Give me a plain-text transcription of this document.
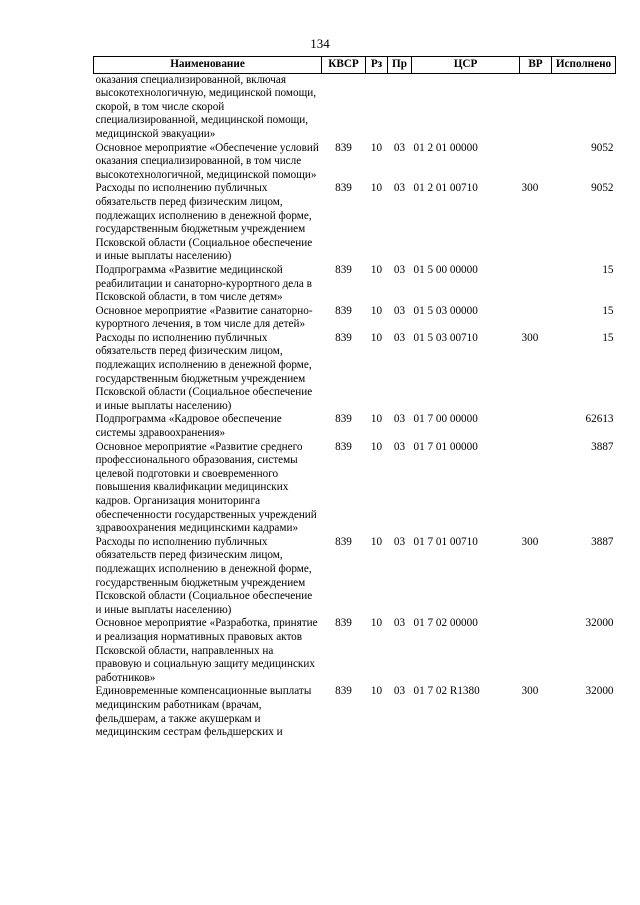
134
Наименование	КВСР	Рз	Пр	ЦСР	ВР	Исполнено
оказания специализированной, включая высокотехнологичную, медицинской помощи, скорой, в том числе скорой специализированной, медицинской помощи, медицинской эвакуации»						
Основное мероприятие «Обеспечение условий оказания специализированной, в том числе высокотехнологичной, медицинской помощи»	839	10	03	01 2 01 00000		9052
Расходы по исполнению публичных обязательств перед физическим лицом, подлежащих исполнению в денежной форме, государственным бюджетным учреждением Псковской области (Социальное обеспечение и иные выплаты населению)	839	10	03	01 2 01 00710	300	9052
Подпрограмма «Развитие медицинской реабилитации и санаторно-курортного дела в Псковской области, в том числе детям»	839	10	03	01 5 00 00000		15
Основное мероприятие «Развитие санаторно-курортного лечения, в том числе для детей»	839	10	03	01 5 03 00000		15
Расходы по исполнению публичных обязательств перед физическим лицом, подлежащих исполнению в денежной форме, государственным бюджетным учреждением Псковской области (Социальное обеспечение и иные выплаты населению)	839	10	03	01 5 03 00710	300	15
Подпрограмма «Кадровое обеспечение системы здравоохранения»	839	10	03	01 7 00 00000		62613
Основное мероприятие «Развитие среднего профессионального образования, системы целевой подготовки и своевременного повышения квалификации медицинских кадров. Организация мониторинга обеспеченности государственных учреждений здравоохранения медицинскими кадрами»	839	10	03	01 7 01 00000		3887
Расходы по исполнению публичных обязательств перед физическим лицом, подлежащих исполнению в денежной форме, государственным бюджетным учреждением Псковской области (Социальное обеспечение и иные выплаты населению)	839	10	03	01 7 01 00710	300	3887
Основное мероприятие «Разработка, принятие и реализация нормативных правовых актов Псковской области, направленных на правовую и социальную защиту медицинских работников»	839	10	03	01 7 02 00000		32000
Единовременные компенсационные выплаты медицинским работникам (врачам, фельдшерам, а также акушеркам и медицинским сестрам фельдшерских и	839	10	03	01 7 02 R1380	300	32000
